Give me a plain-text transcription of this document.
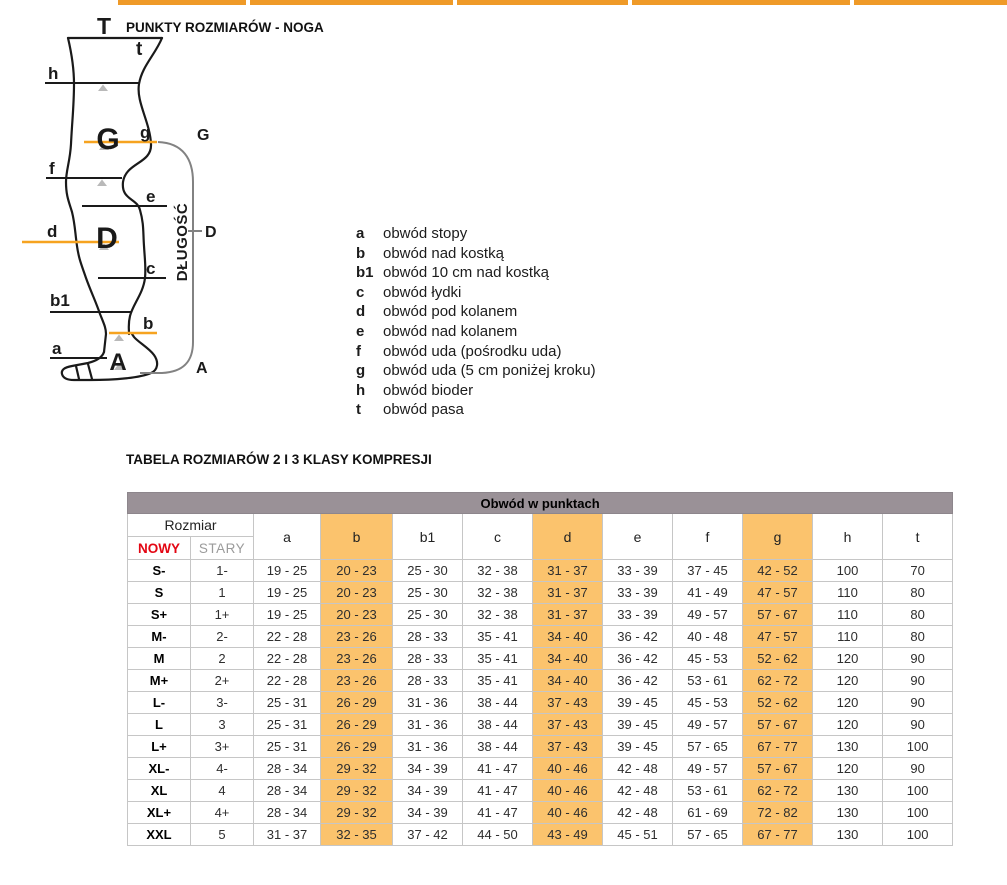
PUNKTY ROZMIARÓW - NOGA
TABELA ROZMIARÓW 2 I 3 KLASY KOMPRESJI
DŁUGOŚĆ
T
t
h
G g	G
f
e
D
d	D
c
b1
b
a
A	A
a obwód stopy
b obwód nad kostką
b1 obwód 10 cm nad kostką
c obwód łydki
d obwód pod kolanem
e obwód nad kolanem
f obwód uda (pośrodku uda)
g obwód uda (5 cm poniżej kroku)
h obwód bioder
t obwód pasa
Obwód w punktach											
Rozmiar		a	b	b1	c	d	e	f	g	h	t
NOWY	STARY										
S-	1-	19 - 25	20 - 23	25 - 30	32 - 38	31 - 37	33 - 39	37 - 45	42 - 52	100	70
S	1	19 - 25	20 - 23	25 - 30	32 - 38	31 - 37	33 - 39	41 - 49	47 - 57	110	80
S+	1+	19 - 25	20 - 23	25 - 30	32 - 38	31 - 37	33 - 39	49 - 57	57 - 67	110	80
M-	2-	22 - 28	23 - 26	28 - 33	35 - 41	34 - 40	36 - 42	40 - 48	47 - 57	110	80
M	2	22 - 28	23 - 26	28 - 33	35 - 41	34 - 40	36 - 42	45 - 53	52 - 62	120	90
M+	2+	22 - 28	23 - 26	28 - 33	35 - 41	34 - 40	36 - 42	53 - 61	62 - 72	120	90
L-	3-	25 - 31	26 - 29	31 - 36	38 - 44	37 - 43	39 - 45	45 - 53	52 - 62	120	90
L	3	25 - 31	26 - 29	31 - 36	38 - 44	37 - 43	39 - 45	49 - 57	57 - 67	120	90
L+	3+	25 - 31	26 - 29	31 - 36	38 - 44	37 - 43	39 - 45	57 - 65	67 - 77	130	100
XL-	4-	28 - 34	29 - 32	34 - 39	41 - 47	40 - 46	42 - 48	49 - 57	57 - 67	120	90
XL	4	28 - 34	29 - 32	34 - 39	41 - 47	40 - 46	42 - 48	53 - 61	62 - 72	130	100
XL+	4+	28 - 34	29 - 32	34 - 39	41 - 47	40 - 46	42 - 48	61 - 69	72 - 82	130	100
XXL	5	31 - 37	32 - 35	37 - 42	44 - 50	43 - 49	45 - 51	57 - 65	67 - 77	130	100
